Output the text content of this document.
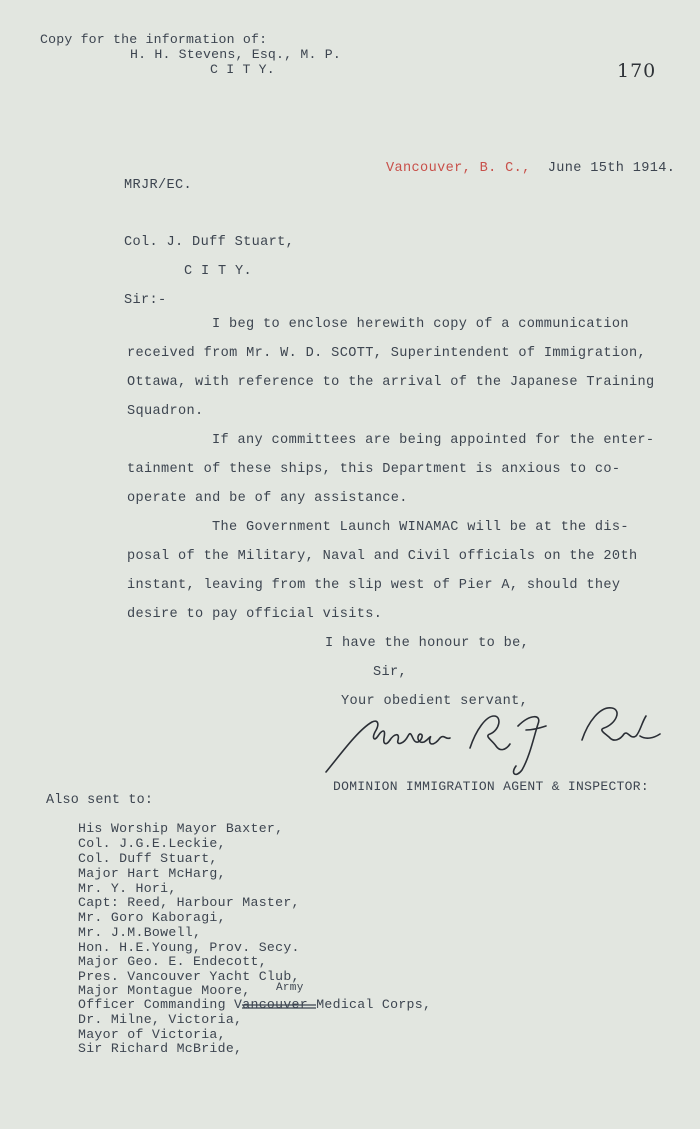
Copy for the information of:
H. H. Stevens, Esq., M. P.
C I T Y.	170

Vancouver, B. C., June 15th 1914.

MRJR/EC.
Col. J. Duff Stuart,
C I T Y.
Sir:-
I beg to enclose herewith copy of a communication
received from Mr. W. D. SCOTT, Superintendent of Immigration,
Ottawa, with reference to the arrival of the Japanese Training
Squadron.
If any committees are being appointed for the enter-
tainment of these ships, this Department is anxious to co-
operate and be of any assistance.
The Government Launch WINAMAC will be at the dis-
posal of the Military, Naval and Civil officials on the 20th
instant, leaving from the slip west of Pier A, should they
desire to pay official visits.
I have the honour to be,
Sir,
Your obedient servant,
DOMINION IMMIGRATION AGENT & INSPECTOR:
Also sent to:
His Worship Mayor Baxter,
Col. J.G.E.Leckie,
Col. Duff Stuart,
Major Hart McHarg,
Mr. Y. Hori,
Capt: Reed, Harbour Master,
Mr. Goro Kaboragi,
Mr. J.M.Bowell,
Hon. H.E.Young, Prov. Secy.
Major Geo. E. Endecott,
Pres. Vancouver Yacht Club,
Major Montague Moore, Army
Officer Commanding Vancouver Medical Corps,
Dr. Milne, Victoria,
Mayor of Victoria,
Sir Richard McBride,
